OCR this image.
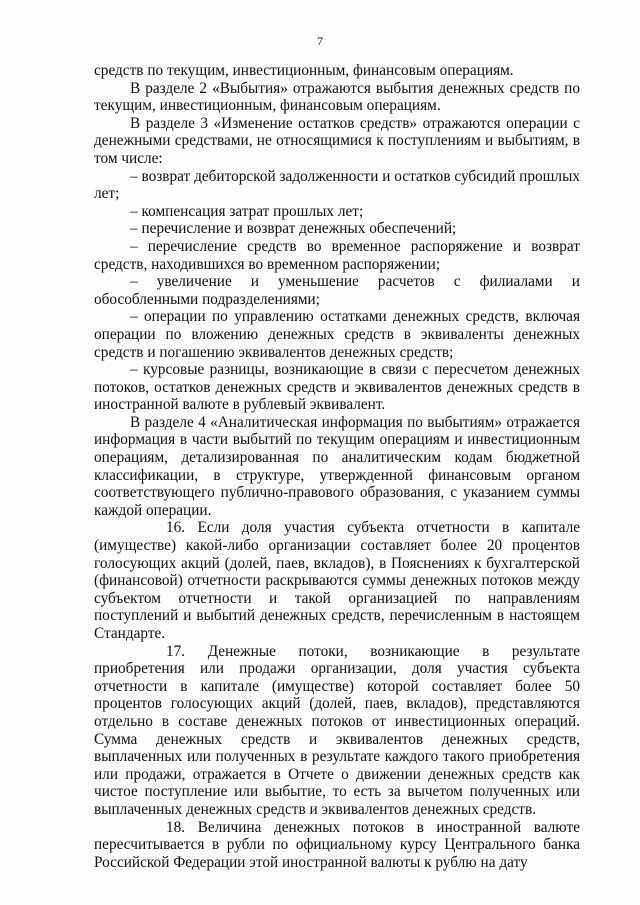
7

средств по текущим, инвестиционным, финансовым операциям.

В разделе 2 «Выбытия» отражаются выбытия денежных средств по текущим, инвестиционным, финансовым операциям.

В разделе 3 «Изменение остатков средств» отражаются операции с денежными средствами, не относящимися к поступлениям и выбытиям, в том числе:

– возврат дебиторской задолженности и остатков субсидий прошлых лет;

– компенсация затрат прошлых лет;

– перечисление и возврат денежных обеспечений;

– перечисление средств во временное распоряжение и возврат средств, находившихся во временном распоряжении;

– увеличение и уменьшение расчетов с филиалами и обособленными подразделениями;

– операции по управлению остатками денежных средств, включая операции по вложению денежных средств в эквиваленты денежных средств и погашению эквивалентов денежных средств;

– курсовые разницы, возникающие в связи с пересчетом денежных потоков, остатков денежных средств и эквивалентов денежных средств в иностранной валюте в рублевый эквивалент.

В разделе 4 «Аналитическая информация по выбытиям» отражается информация в части выбытий по текущим операциям и инвестиционным операциям, детализированная по аналитическим кодам бюджетной классификации, в структуре, утвержденной финансовым органом соответствующего публично-правового образования, с указанием суммы каждой операции.

16. Если доля участия субъекта отчетности в капитале (имуществе) какой-либо организации составляет более 20 процентов голосующих акций (долей, паев, вкладов), в Пояснениях к бухгалтерской (финансовой) отчетности раскрываются суммы денежных потоков между субъектом отчетности и такой организацией по направлениям поступлений и выбытий денежных средств, перечисленным в настоящем Стандарте.

17. Денежные потоки, возникающие в результате приобретения или продажи организации, доля участия субъекта отчетности в капитале (имуществе) которой составляет более 50 процентов голосующих акций (долей, паев, вкладов), представляются отдельно в составе денежных потоков от инвестиционных операций. Сумма денежных средств и эквивалентов денежных средств, выплаченных или полученных в результате каждого такого приобретения или продажи, отражается в Отчете о движении денежных средств как чистое поступление или выбытие, то есть за вычетом полученных или выплаченных денежных средств и эквивалентов денежных средств.

18. Величина денежных потоков в иностранной валюте пересчитывается в рубли по официальному курсу Центрального банка Российской Федерации этой иностранной валюты к рублю на дату
